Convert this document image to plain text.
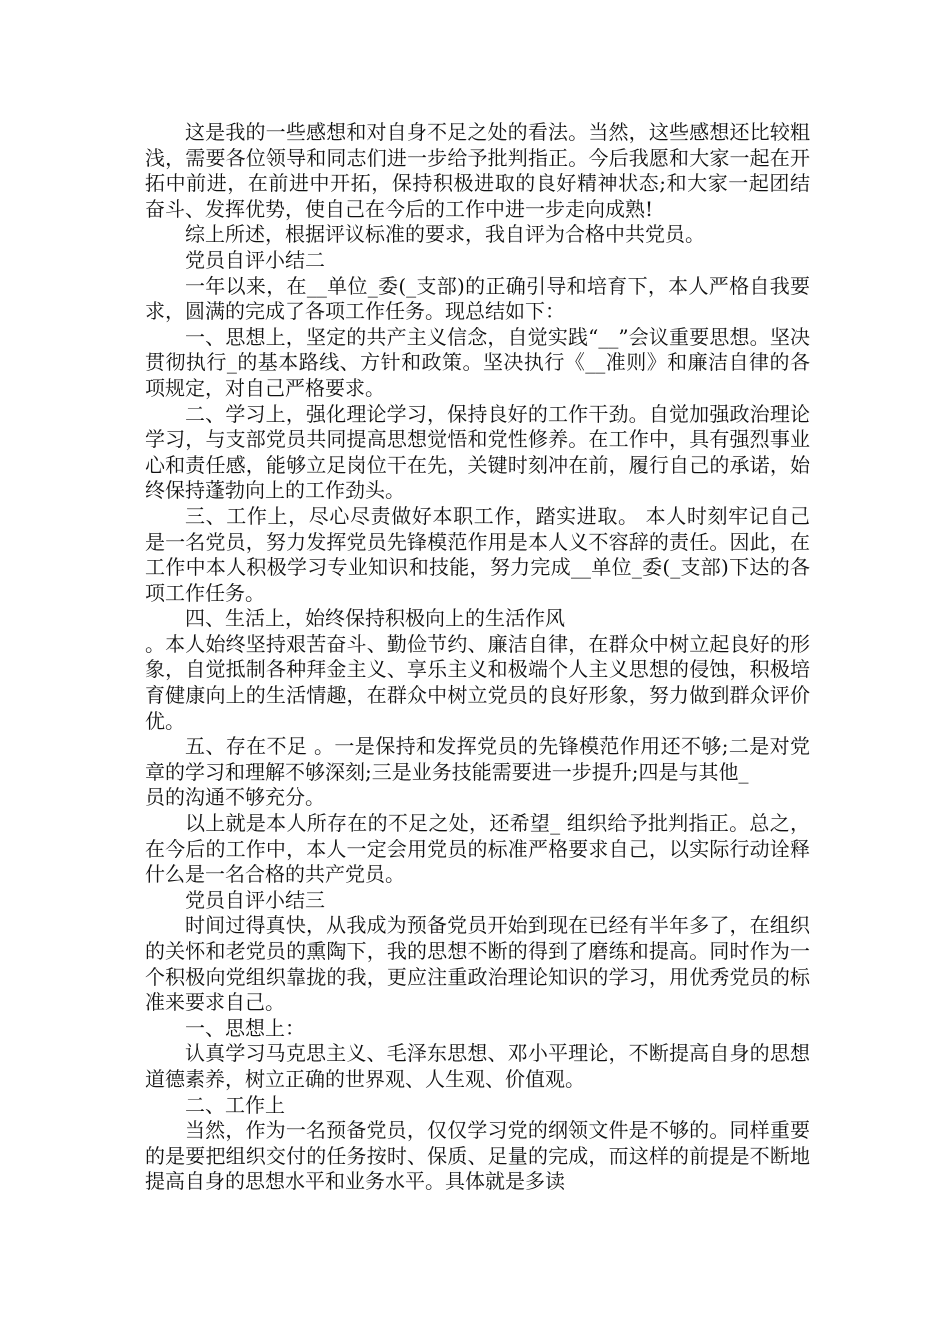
这是我的一些感想和对自身不足之处的看法。当然，这些感想还比较粗浅，需要各位领导和同志们进一步给予批判指正。今后我愿和大家一起在开拓中前进，在前进中开拓，保持积极进取的良好精神状态;和大家一起团结奋斗、发挥优势，使自己在今后的工作中进一步走向成熟!

综上所述，根据评议标准的要求，我自评为合格中共党员。

党员自评小结二

一年以来，在__单位_委(_支部)的正确引导和培育下，本人严格自我要求，圆满的完成了各项工作任务。现总结如下：

一、思想上，坚定的共产主义信念，自觉实践“__”会议重要思想。坚决贯彻执行_的基本路线、方针和政策。坚决执行《__准则》和廉洁自律的各项规定，对自己严格要求。

二、学习上，强化理论学习，保持良好的工作干劲。自觉加强政治理论学习，与支部党员共同提高思想觉悟和党性修养。在工作中，具有强烈事业心和责任感，能够立足岗位干在先，关键时刻冲在前，履行自己的承诺，始终保持蓬勃向上的工作劲头。

三、工作上，尽心尽责做好本职工作，踏实进取。 本人时刻牢记自己是一名党员，努力发挥党员先锋模范作用是本人义不容辞的责任。因此，在工作中本人积极学习专业知识和技能，努力完成__单位_委(_支部)下达的各项工作任务。

四、生活上，始终保持积极向上的生活作风

。本人始终坚持艰苦奋斗、勤俭节约、廉洁自律，在群众中树立起良好的形象，自觉抵制各种拜金主义、享乐主义和极端个人主义思想的侵蚀，积极培育健康向上的生活情趣，在群众中树立党员的良好形象，努力做到群众评价优。

五、存在不足 。一是保持和发挥党员的先锋模范作用还不够;二是对党章的学习和理解不够深刻;三是业务技能需要进一步提升;四是与其他_

员的沟通不够充分。

以上就是本人所存在的不足之处，还希望_ 组织给予批判指正。总之，在今后的工作中，本人一定会用党员的标准严格要求自己，以实际行动诠释什么是一名合格的共产党员。

党员自评小结三

时间过得真快，从我成为预备党员开始到现在已经有半年多了，在组织的关怀和老党员的熏陶下，我的思想不断的得到了磨练和提高。同时作为一个积极向党组织靠拢的我，更应注重政治理论知识的学习，用优秀党员的标准来要求自己。

一、思想上：

认真学习马克思主义、毛泽东思想、邓小平理论，不断提高自身的思想道德素养，树立正确的世界观、人生观、价值观。

二、工作上

当然，作为一名预备党员，仅仅学习党的纲领文件是不够的。同样重要的是要把组织交付的任务按时、保质、足量的完成，而这样的前提是不断地提高自身的思想水平和业务水平。具体就是多读
